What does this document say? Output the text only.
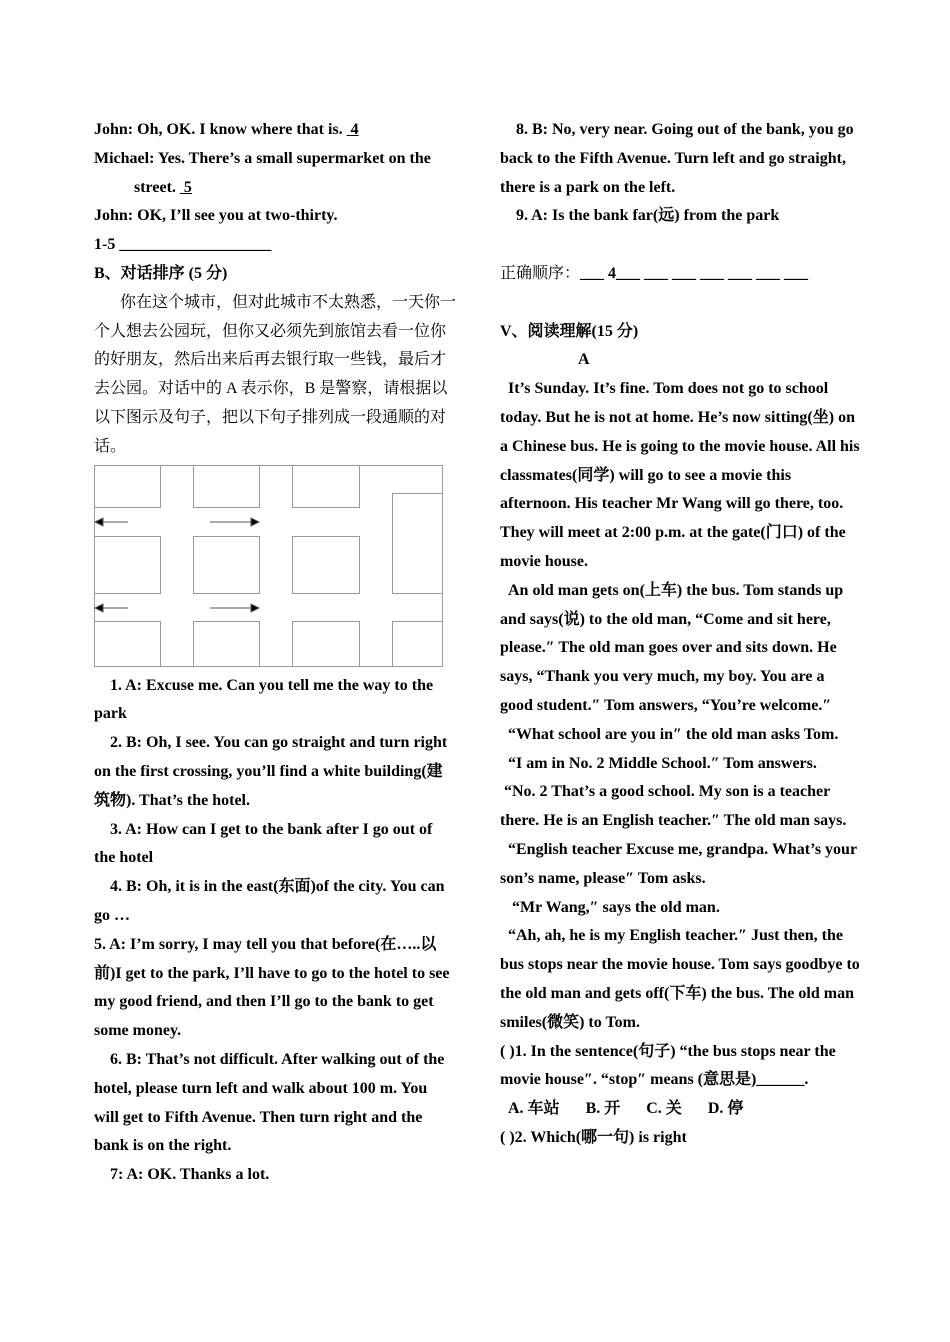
John: Oh, OK. I know where that is. 4

Michael: Yes. There’s a small supermarket on the

street. 5

John: OK, I’ll see you at two-thirty.

1-5 ___________________

B、对话排序 (5 分)

你在这个城市，但对此城市不太熟悉，一天你一个人想去公园玩，但你又必须先到旅馆去看一位你的好朋友，然后出来后再去银行取一些钱，最后才去公园。对话中的 A 表示你，B 是警察，请根据以以下图示及句子，把以下句子排列成一段通顺的对话。

1. A: Excuse me. Can you tell me the way to the park

2. B: Oh, I see. You can go straight and turn right on the first crossing, you’ll find a white building(建筑物). That’s the hotel.

3. A: How can I get to the bank after I go out of the hotel

4. B: Oh, it is in the east(东面)of the city. You can go …

5. A: I’m sorry, I may tell you that before(在…..以前)I get to the park, I’ll have to go to the hotel to see my good friend, and then I’ll go to the bank to get some money.

6. B: That’s not difficult. After walking out of the hotel, please turn left and walk about 100 m. You will get to Fifth Avenue. Then turn right and the bank is on the right.

7: A: OK. Thanks a lot.

8. B: No, very near. Going out of the bank, you go back to the Fifth Avenue. Turn left and go straight, there is a park on the left.

9. A: Is the bank far(远) from the park

正确顺序：___ 4___ ___ ___ ___ ___ ___ ___

V、阅读理解(15 分)

A

It’s Sunday. It’s fine. Tom does not go to school today. But he is not at home. He’s now sitting(坐) on a Chinese bus. He is going to the movie house. All his classmates(同学) will go to see a movie this afternoon. His teacher Mr Wang will go there, too. They will meet at 2:00 p.m. at the gate(门口) of the movie house.

An old man gets on(上车) the bus. Tom stands up and says(说) to the old man, “Come and sit here, please.″ The old man goes over and sits down. He says, “Thank you very much, my boy. You are a good student.″ Tom answers, “You’re welcome.″

“What school are you in″ the old man asks Tom.

“I am in No. 2 Middle School.″ Tom answers.

“No. 2 That’s a good school. My son is a teacher there. He is an English teacher.″ The old man says.

“English teacher Excuse me, grandpa. What’s your son’s name, please″ Tom asks.

“Mr Wang,″ says the old man.

“Ah, ah, he is my English teacher.″ Just then, the bus stops near the movie house. Tom says goodbye to the old man and gets off(下车) the bus. The old man smiles(微笑) to Tom.

( )1. In the sentence(句子) “the bus stops near the movie house″. “stop″ means (意思是)______.

A. 车站 B. 开 C. 关 D. 停

( )2. Which(哪一句) is right
